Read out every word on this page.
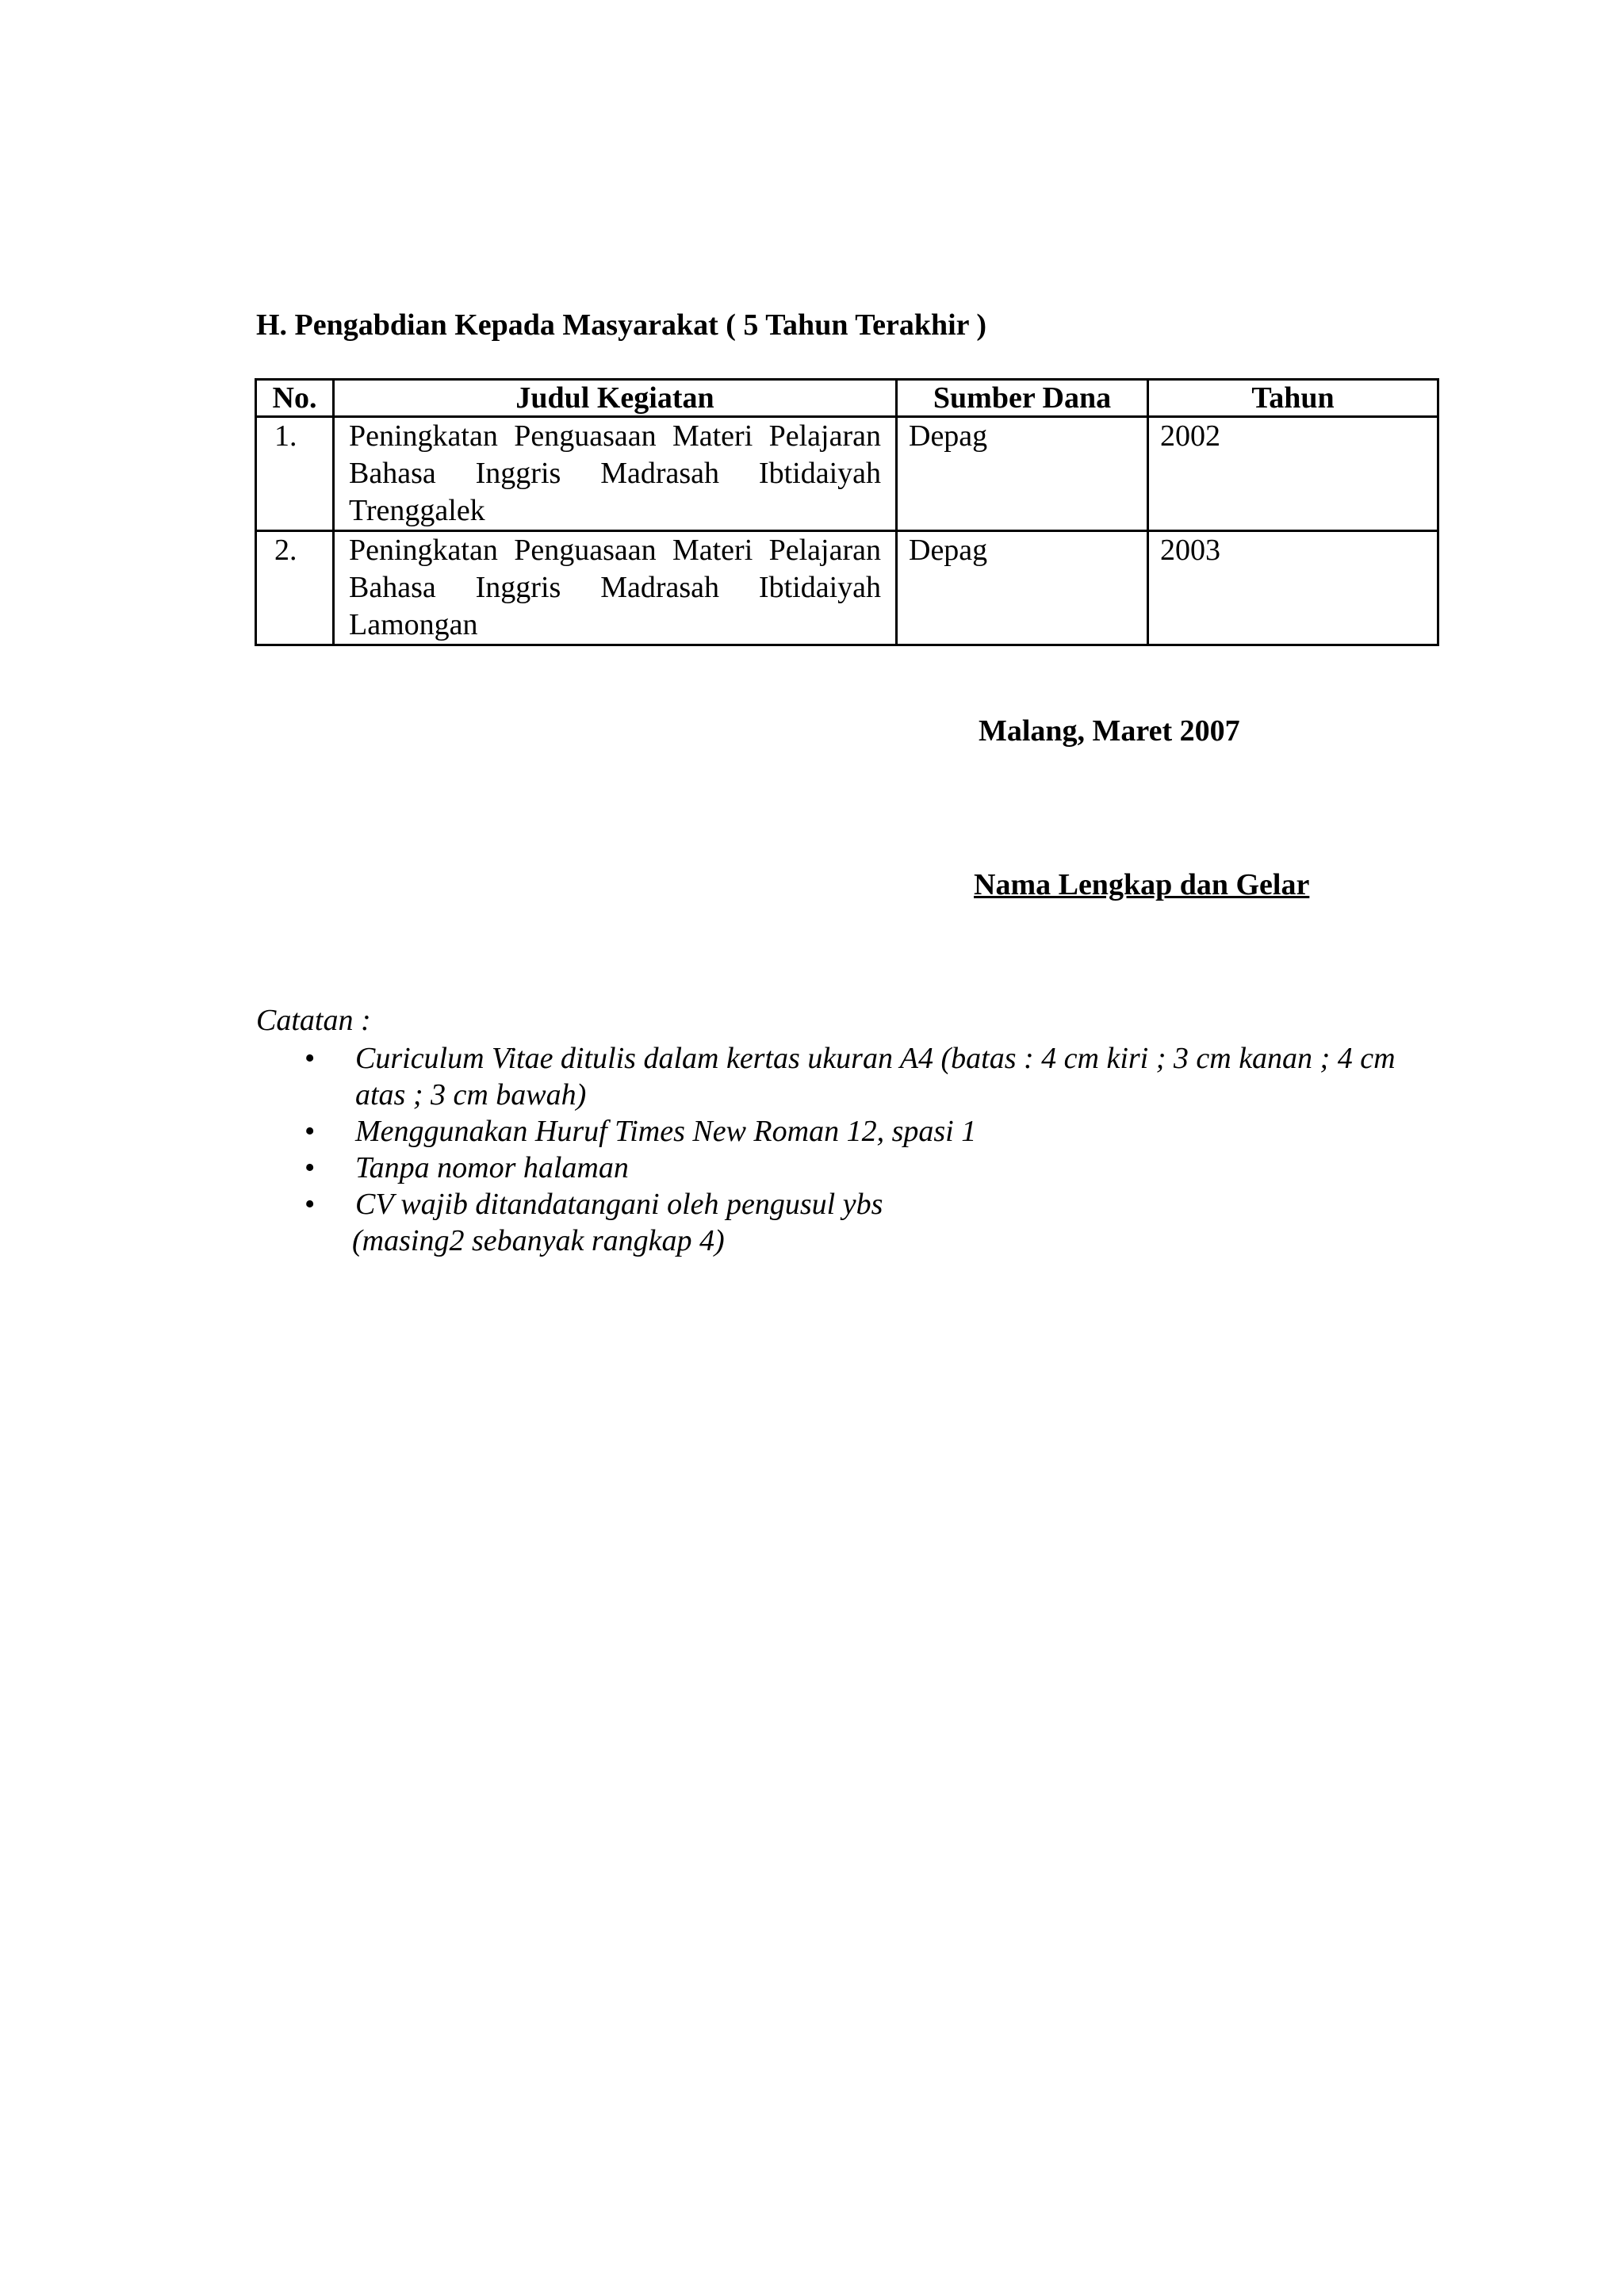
H. Pengabdian Kepada Masyarakat ( 5 Tahun Terakhir )

No.	Judul Kegiatan	Sumber Dana	Tahun
1.	Peningkatan Penguasaan Materi Pelajaran Bahasa Inggris Madrasah Ibtidaiyah Trenggalek	Depag	2002
2.	Peningkatan Penguasaan Materi Pelajaran Bahasa Inggris Madrasah Ibtidaiyah Lamongan	Depag	2003

Malang, Maret 2007

Nama Lengkap dan Gelar

Catatan :

• Curiculum Vitae ditulis dalam kertas ukuran A4 (batas : 4 cm kiri ; 3 cm kanan ; 4 cm atas ; 3 cm bawah)
• Menggunakan Huruf Times New Roman 12, spasi 1
• Tanpa nomor halaman
• CV wajib ditandatangani oleh pengusul ybs
(masing2 sebanyak rangkap 4)
